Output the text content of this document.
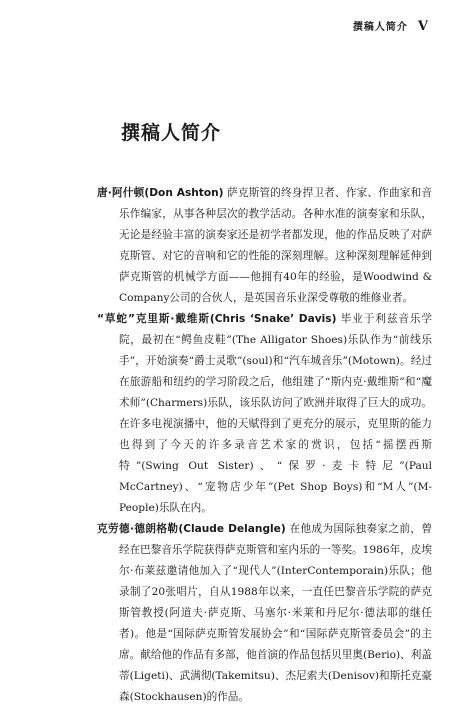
撰稿人简介 V
撰稿人简介

唐·阿什顿(Don Ashton) 萨克斯管的终身捍卫者、作家、作曲家和音乐作编家，从事各种层次的教学活动。各种水准的演奏家和乐队，无论是经验丰富的演奏家还是初学者都发现，他的作品反映了对萨克斯管、对它的音响和它的性能的深刻理解。这种深刻理解延伸到萨克斯管的机械学方面——他拥有40年的经验，是Woodwind & Company公司的合伙人，是英国音乐业深受尊敬的维修业者。

“草蛇”克里斯·戴维斯(Chris ‘Snake’ Davis) 毕业于利兹音乐学院，最初在“鳄鱼皮鞋”(The Alligator Shoes)乐队作为“前线乐手”，开始演奏“爵士灵歌”(soul)和“汽车城音乐”(Motown)。经过在旅游船和纽约的学习阶段之后，他组建了“斯内克·戴维斯”和“魔术师”(Charmers)乐队，该乐队访问了欧洲并取得了巨大的成功。在许多电视演播中，他的天赋得到了更充分的展示，克里斯的能力也得到了今天的许多录音艺术家的赏识，包括“摇摆西斯特”(Swing Out Sister)、“保罗·麦卡特尼”(Paul McCartney)、“宠物店少年”(Pet Shop Boys)和“M人”(M-People)乐队在内。

克劳德·德朗格勒(Claude Delangle) 在他成为国际独奏家之前，曾经在巴黎音乐学院获得萨克斯管和室内乐的一等奖。1986年，皮埃尔·布莱兹邀请他加入了“现代人”(InterContemporain)乐队；他录制了20张唱片，自从1988年以来，一直任巴黎音乐学院的萨克斯管教授(阿道夫·萨克斯、马塞尔·米莱和丹尼尔·德法耶的继任者)。他是“国际萨克斯管发展协会”和“国际萨克斯管委员会”的主席。献给他的作品有多部，他首演的作品包括贝里奥(Berio)、利盖蒂(Ligeti)、武满彻(Takemitsu)、杰尼索夫(Denisov)和斯托克豪森(Stockhausen)的作品。
